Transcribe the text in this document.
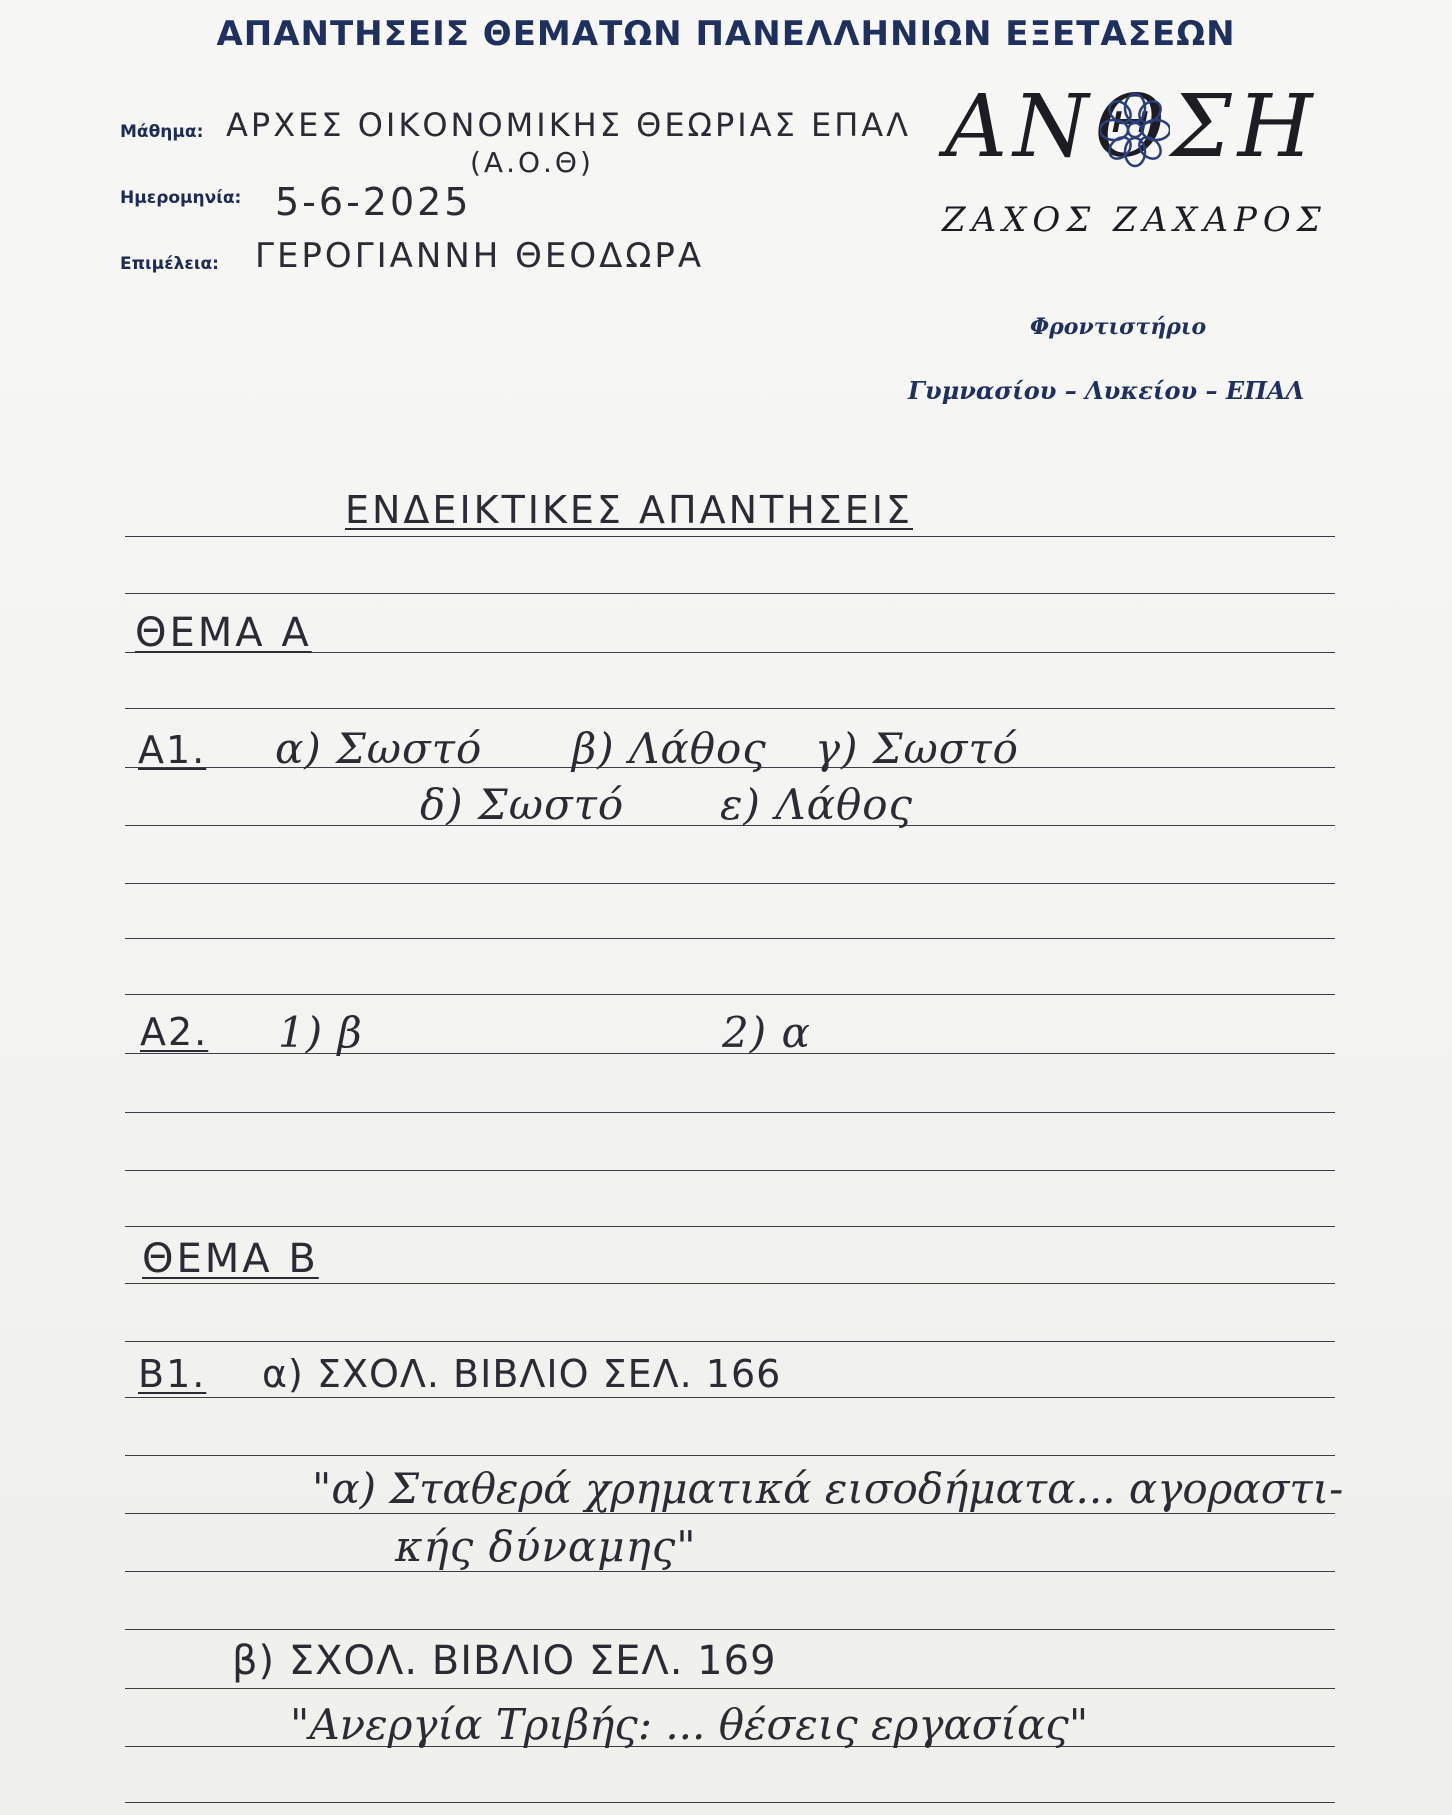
ΑΠΑΝΤΗΣΕΙΣ ΘΕΜΑΤΩΝ ΠΑΝΕΛΛΗΝΙΩΝ ΕΞΕΤΑΣΕΩΝ
Μάθημα: ΑΡΧΕΣ ΟΙΚΟΝΟΜΙΚΗΣ ΘΕΩΡΙΑΣ ΕΠΑΛ
(Α.Ο.Θ)
Ημερομηνία: 5-6-2025
Επιμέλεια: ΓΕΡΟΓΙΑΝΝΗ ΘΕΟΔΩΡΑ
ΑΝΘΣΗ
ΖΑΧΟΣ ΖΑΧΑΡΟΣ
Φροντιστήριο
Γυμνασίου – Λυκείου – ΕΠΑΛ
ΕΝΔΕΙΚΤΙΚΕΣ ΑΠΑΝΤΗΣΕΙΣ
ΘΕΜΑ Α
Α1. α) Σωστό β) Λάθος γ) Σωστό
δ) Σωστό ε) Λάθος
Α2. 1) β	2) α
ΘΕΜΑ Β
Β1. α) ΣΧΟΛ. ΒΙΒΛΙΟ ΣΕΛ. 166
"α) Σταθερά χρηματικά εισοδήματα... αγοραστι-
κής δύναμης"
β) ΣΧΟΛ. ΒΙΒΛΙΟ ΣΕΛ. 169
"Ανεργία Τριβής: ... θέσεις εργασίας"
